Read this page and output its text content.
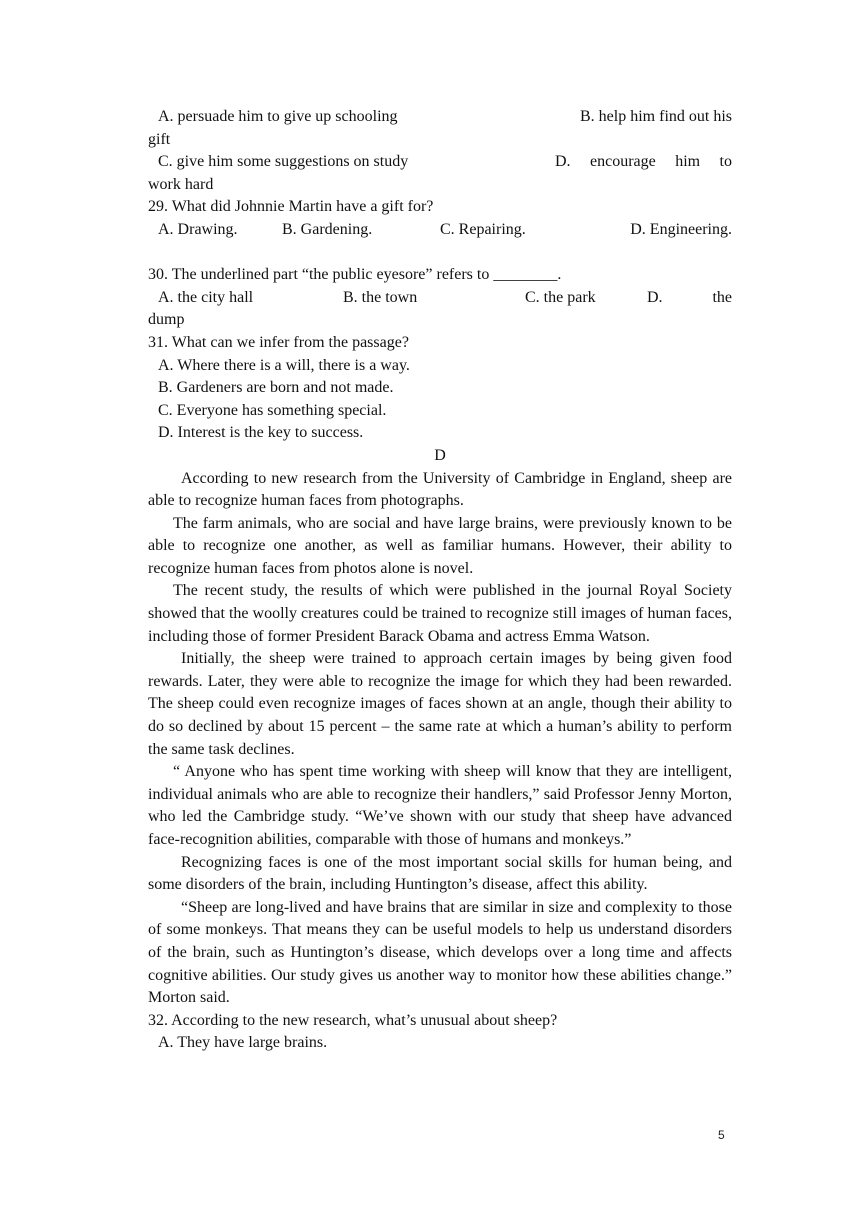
A. persuade him to give up schooling	B. help him find out his

gift

C. give him some suggestions on study	D. encourage him to

work hard

29. What did Johnnie Martin have a gift for?

A. Drawing.	B. Gardening.	C. Repairing.	D. Engineering.

30. The underlined part “the public eyesore” refers to ________.

A. the city hall	B. the town	C. the park	D.	the

dump

31. What can we infer from the passage?

A. Where there is a will, there is a way.

B. Gardeners are born and not made.

C. Everyone has something special.

D. Interest is the key to success.

D

According to new research from the University of Cambridge in England, sheep are able to recognize human faces from photographs.

The farm animals, who are social and have large brains, were previously known to be able to recognize one another, as well as familiar humans. However, their ability to recognize human faces from photos alone is novel.

The recent study, the results of which were published in the journal Royal Society showed that the woolly creatures could be trained to recognize still images of human faces, including those of former President Barack Obama and actress Emma Watson.

Initially, the sheep were trained to approach certain images by being given food rewards. Later, they were able to recognize the image for which they had been rewarded. The sheep could even recognize images of faces shown at an angle, though their ability to do so declined by about 15 percent – the same rate at which a human’s ability to perform the same task declines.

“ Anyone who has spent time working with sheep will know that they are intelligent, individual animals who are able to recognize their handlers,” said Professor Jenny Morton, who led the Cambridge study. “We’ve shown with our study that sheep have advanced face-recognition abilities, comparable with those of humans and monkeys.”

Recognizing faces is one of the most important social skills for human being, and some disorders of the brain, including Huntington’s disease, affect this ability.

“Sheep are long-lived and have brains that are similar in size and complexity to those of some monkeys. That means they can be useful models to help us understand disorders of the brain, such as Huntington’s disease, which develops over a long time and affects cognitive abilities. Our study gives us another way to monitor how these abilities change.” Morton said.

32. According to the new research, what’s unusual about sheep?

A. They have large brains.

5
